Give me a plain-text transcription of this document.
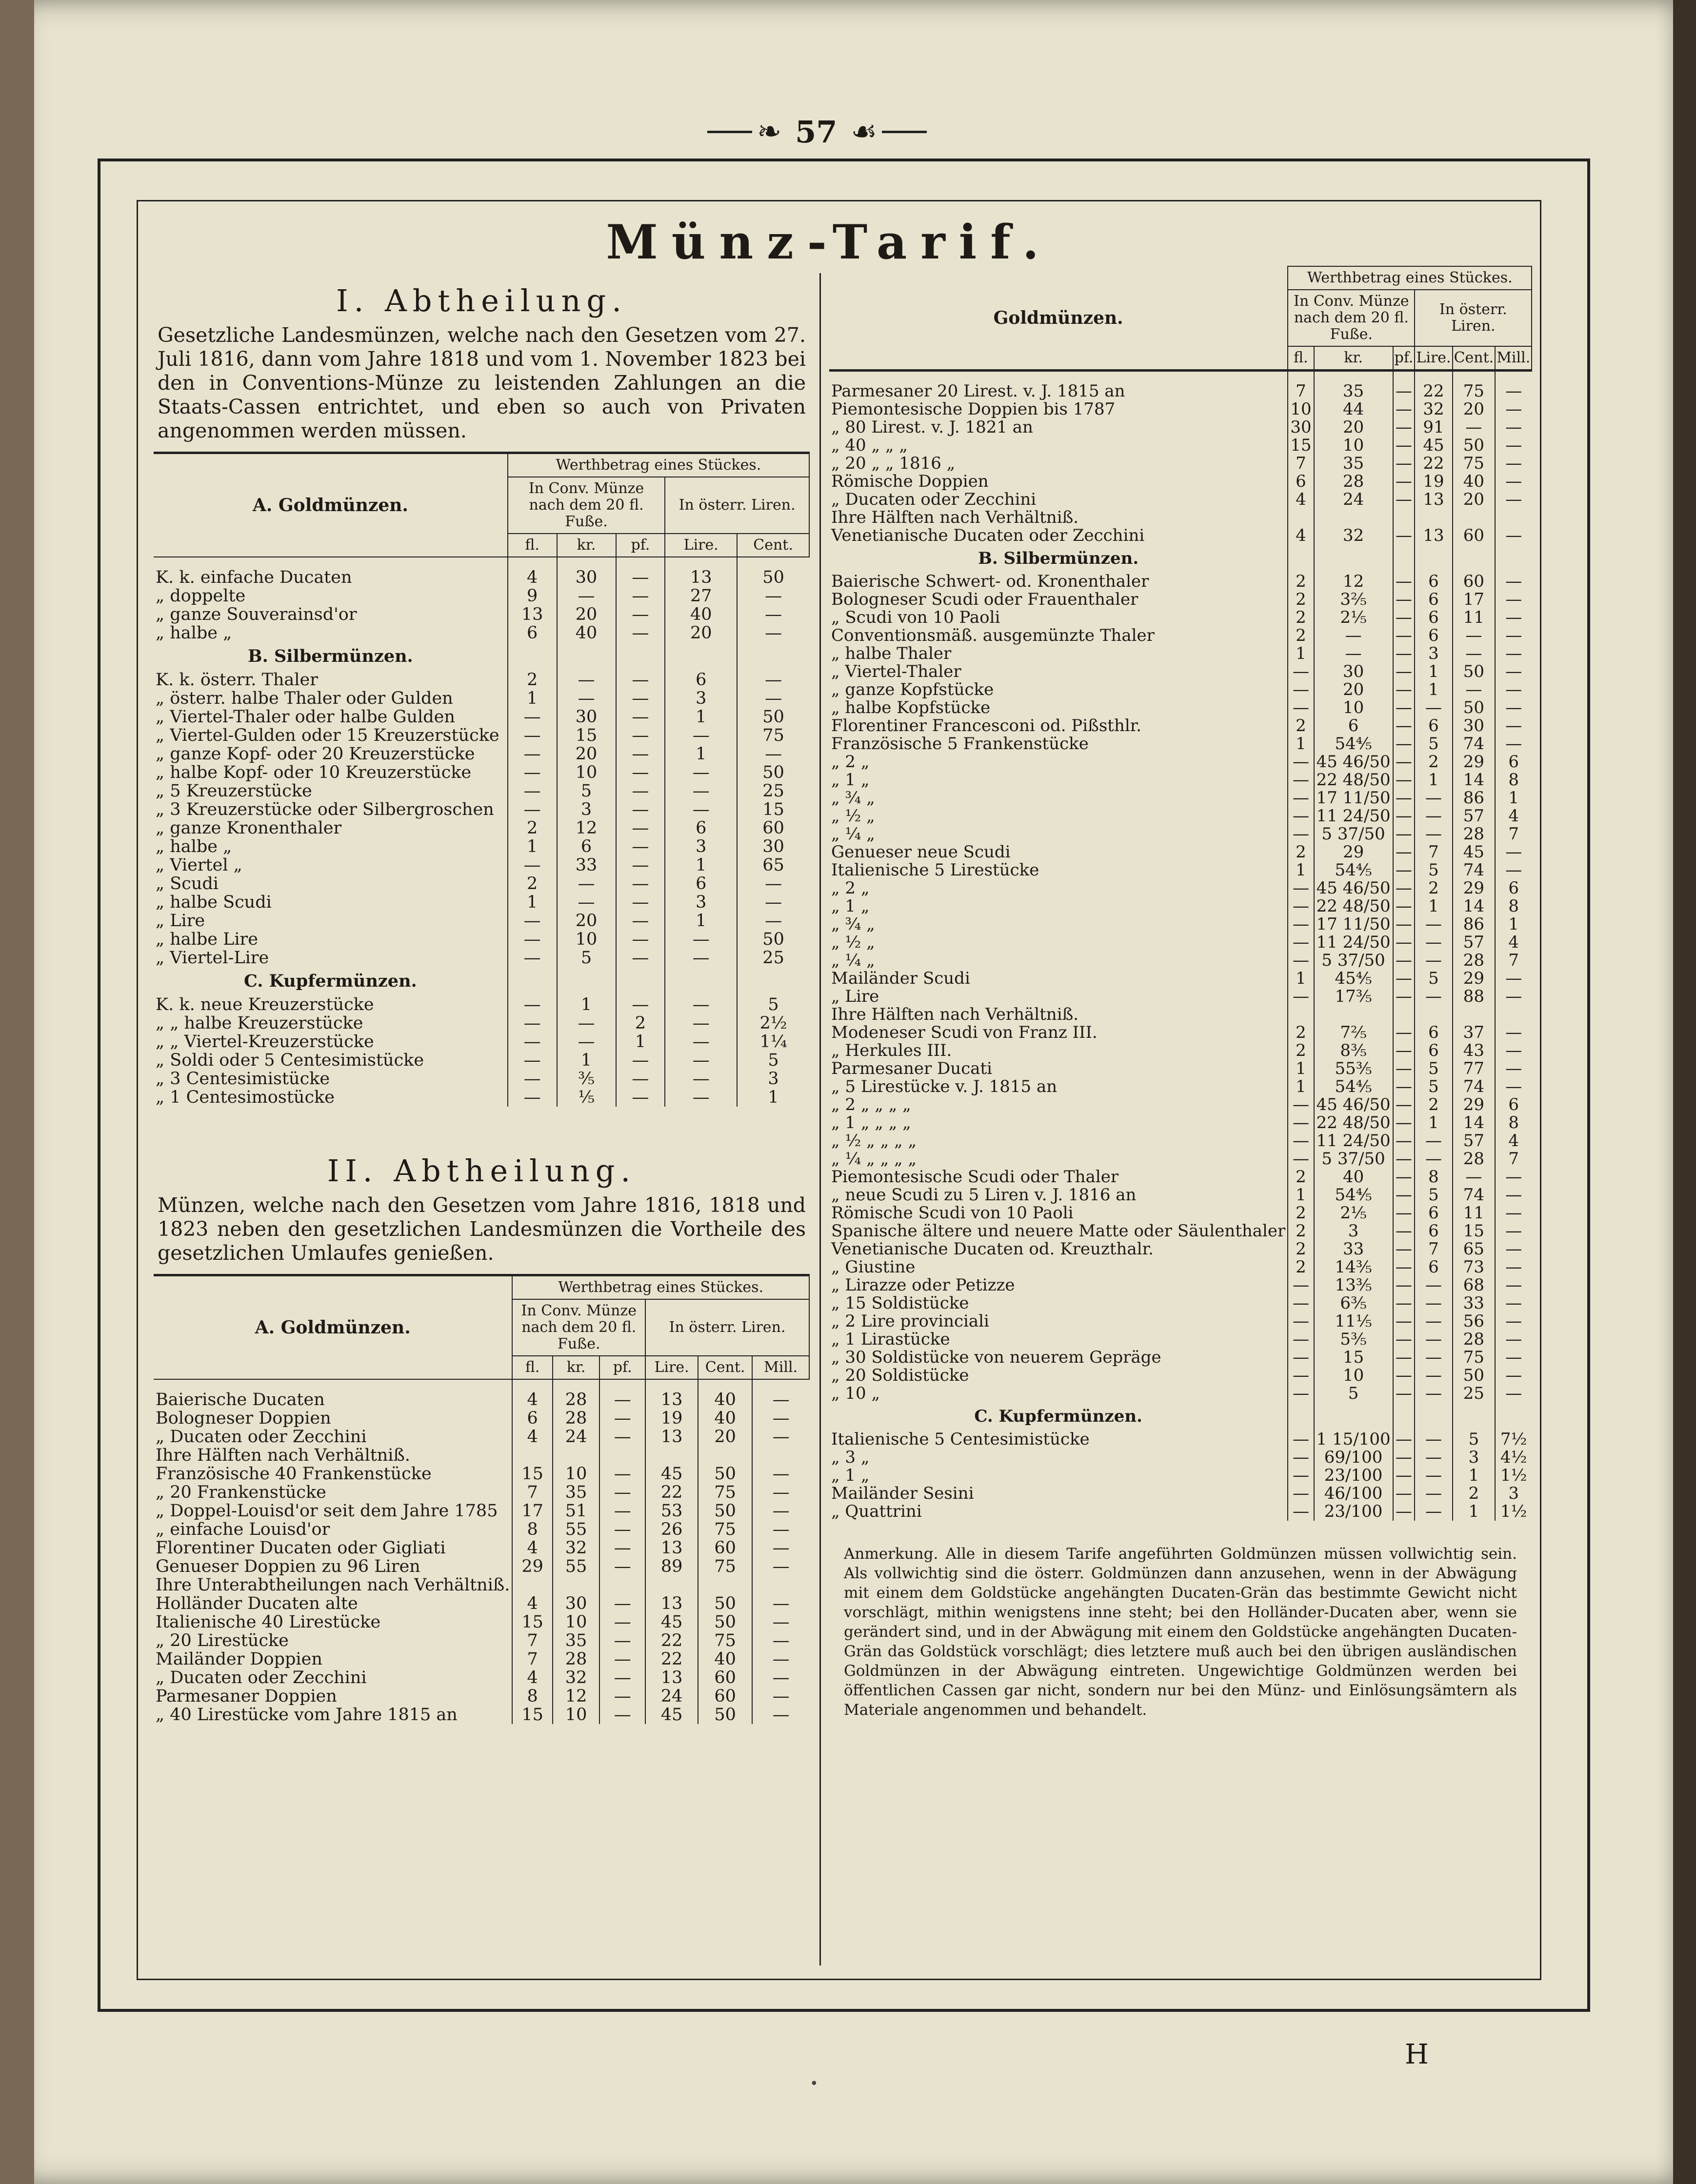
❧ 57 ☙
Münz-Tarif.
I. Abtheilung.
Gesetzliche Landesmünzen, welche nach den Gesetzen vom 27. Juli 1816, dann vom Jahre 1818 und vom 1. November 1823 bei den in Conventions-Münze zu leistenden Zahlungen an die Staats-Cassen entrichtet, und eben so auch von Privaten angenommen werden müssen.
A. Goldmünzen.	Werthbetrag eines Stückes.				
	In Conv. Münze nach dem 20 fl. Fuße.			In österr. Liren.	
	fl.	kr.	pf.	Lire.	Cent.
K. k. einfache Ducaten	4	30	—	13	50
„ doppelte	9	—	—	27	—
„ ganze Souverainsd'or	13	20	—	40	—
„ halbe „	6	40	—	20	—
B. Silbermünzen.					
K. k. österr. Thaler	2	—	—	6	—
„ österr. halbe Thaler oder Gulden	1	—	—	3	—
„ Viertel-Thaler oder halbe Gulden	—	30	—	1	50
„ Viertel-Gulden oder 15 Kreuzerstücke	—	15	—	—	75
„ ganze Kopf- oder 20 Kreuzerstücke	—	20	—	1	—
„ halbe Kopf- oder 10 Kreuzerstücke	—	10	—	—	50
„ 5 Kreuzerstücke	—	5	—	—	25
„ 3 Kreuzerstücke oder Silbergroschen	—	3	—	—	15
„ ganze Kronenthaler	2	12	—	6	60
„ halbe „	1	6	—	3	30
„ Viertel „	—	33	—	1	65
„ Scudi	2	—	—	6	—
„ halbe Scudi	1	—	—	3	—
„ Lire	—	20	—	1	—
„ halbe Lire	—	10	—	—	50
„ Viertel-Lire	—	5	—	—	25
C. Kupfermünzen.					
K. k. neue Kreuzerstücke	—	1	—	—	5
„ „ halbe Kreuzerstücke	—	—	2	—	2½
„ „ Viertel-Kreuzerstücke	—	—	1	—	1¼
„ Soldi oder 5 Centesimistücke	—	1	—	—	5
„ 3 Centesimistücke	—	⅗	—	—	3
„ 1 Centesimostücke	—	⅕	—	—	1
II. Abtheilung.
Münzen, welche nach den Gesetzen vom Jahre 1816, 1818 und 1823 neben den gesetzlichen Landesmünzen die Vortheile des gesetzlichen Umlaufes genießen.
A. Goldmünzen.	Werthbetrag eines Stückes.					
	In Conv. Münze nach dem 20 fl. Fuße.			In österr. Liren.		
	fl.	kr.	pf.	Lire.	Cent.	Mill.
Baierische Ducaten	4	28	—	13	40	—
Bologneser Doppien	6	28	—	19	40	—
„ Ducaten oder Zecchini	4	24	—	13	20	—
Ihre Hälften nach Verhältniß.						
Französische 40 Frankenstücke	15	10	—	45	50	—
„ 20 Frankenstücke	7	35	—	22	75	—
„ Doppel-Louisd'or seit dem Jahre 1785	17	51	—	53	50	—
„ einfache Louisd'or	8	55	—	26	75	—
Florentiner Ducaten oder Gigliati	4	32	—	13	60	—
Genueser Doppien zu 96 Liren	29	55	—	89	75	—
Ihre Unterabtheilungen nach Verhältniß.						
Holländer Ducaten alte	4	30	—	13	50	—
Italienische 40 Lirestücke	15	10	—	45	50	—
„ 20 Lirestücke	7	35	—	22	75	—
Mailänder Doppien	7	28	—	22	40	—
„ Ducaten oder Zecchini	4	32	—	13	60	—
Parmesaner Doppien	8	12	—	24	60	—
„ 40 Lirestücke vom Jahre 1815 an	15	10	—	45	50	—
Goldmünzen.	Werthbetrag eines Stückes.					
	In Conv. Münze nach dem 20 fl. Fuße.			In österr. Liren.		
	fl.	kr.	pf.	Lire.	Cent.	Mill.
Parmesaner 20 Lirest. v. J. 1815 an	7	35	—	22	75	—
Piemontesische Doppien bis 1787	10	44	—	32	20	—
„ 80 Lirest. v. J. 1821 an	30	20	—	91	—	—
„ 40 „ „ „	15	10	—	45	50	—
„ 20 „ „ 1816 „	7	35	—	22	75	—
Römische Doppien	6	28	—	19	40	—
„ Ducaten oder Zecchini	4	24	—	13	20	—
Ihre Hälften nach Verhältniß.						
Venetianische Ducaten oder Zecchini	4	32	—	13	60	—
B. Silbermünzen.						
Baierische Schwert- od. Kronenthaler	2	12	—	6	60	—
Bologneser Scudi oder Frauenthaler	2	3⅖	—	6	17	—
„ Scudi von 10 Paoli	2	2⅕	—	6	11	—
Conventionsmäß. ausgemünzte Thaler	2	—	—	6	—	—
„ halbe Thaler	1	—	—	3	—	—
„ Viertel-Thaler	—	30	—	1	50	—
„ ganze Kopfstücke	—	20	—	1	—	—
„ halbe Kopfstücke	—	10	—	—	50	—
Florentiner Francesconi od. Pißsthlr.	2	6	—	6	30	—
Französische 5 Frankenstücke	1	54⅘	—	5	74	—
„ 2 „	—	45 46/50	—	2	29	6
„ 1 „	—	22 48/50	—	1	14	8
„ ¾ „	—	17 11/50	—	—	86	1
„ ½ „	—	11 24/50	—	—	57	4
„ ¼ „	—	5 37/50	—	—	28	7
Genueser neue Scudi	2	29	—	7	45	—
Italienische 5 Lirestücke	1	54⅘	—	5	74	—
„ 2 „	—	45 46/50	—	2	29	6
„ 1 „	—	22 48/50	—	1	14	8
„ ¾ „	—	17 11/50	—	—	86	1
„ ½ „	—	11 24/50	—	—	57	4
„ ¼ „	—	5 37/50	—	—	28	7
Mailänder Scudi	1	45⅘	—	5	29	—
„ Lire	—	17⅗	—	—	88	—
Ihre Hälften nach Verhältniß.						
Modeneser Scudi von Franz III.	2	7⅖	—	6	37	—
„ Herkules III.	2	8⅗	—	6	43	—
Parmesaner Ducati	1	55⅗	—	5	77	—
„ 5 Lirestücke v. J. 1815 an	1	54⅘	—	5	74	—
„ 2 „ „ „ „	—	45 46/50	—	2	29	6
„ 1 „ „ „ „	—	22 48/50	—	1	14	8
„ ½ „ „ „ „	—	11 24/50	—	—	57	4
„ ¼ „ „ „ „	—	5 37/50	—	—	28	7
Piemontesische Scudi oder Thaler	2	40	—	8	—	—
„ neue Scudi zu 5 Liren v. J. 1816 an	1	54⅘	—	5	74	—
Römische Scudi von 10 Paoli	2	2⅕	—	6	11	—
Spanische ältere und neuere Matte oder Säulenthaler	2	3	—	6	15	—
Venetianische Ducaten od. Kreuzthalr.	2	33	—	7	65	—
„ Giustine	2	14⅗	—	6	73	—
„ Lirazze oder Petizze	—	13⅗	—	—	68	—
„ 15 Soldistücke	—	6⅗	—	—	33	—
„ 2 Lire provinciali	—	11⅕	—	—	56	—
„ 1 Lirastücke	—	5⅗	—	—	28	—
„ 30 Soldistücke von neuerem Gepräge	—	15	—	—	75	—
„ 20 Soldistücke	—	10	—	—	50	—
„ 10 „	—	5	—	—	25	—
C. Kupfermünzen.						
Italienische 5 Centesimistücke	—	1 15/100	—	—	5	7½
„ 3 „	—	69/100	—	—	3	4½
„ 1 „	—	23/100	—	—	1	1½
Mailänder Sesini	—	46/100	—	—	2	3
„ Quattrini	—	23/100	—	—	1	1½
Anmerkung. Alle in diesem Tarife angeführten Goldmünzen müssen vollwichtig sein. Als vollwichtig sind die österr. Goldmünzen dann anzusehen, wenn in der Abwägung mit einem dem Goldstücke angehängten Ducaten-Grän das bestimmte Gewicht nicht vorschlägt, mithin wenigstens inne steht; bei den Holländer-Ducaten aber, wenn sie gerändert sind, und in der Abwägung mit einem den Goldstücke angehängten Ducaten-Grän das Goldstück vorschlägt; dies letztere muß auch bei den übrigen ausländischen Goldmünzen in der Abwägung eintreten. Ungewichtige Goldmünzen werden bei öffentlichen Cassen gar nicht, sondern nur bei den Münz- und Einlösungsämtern als Materiale angenommen und behandelt.
H
•
